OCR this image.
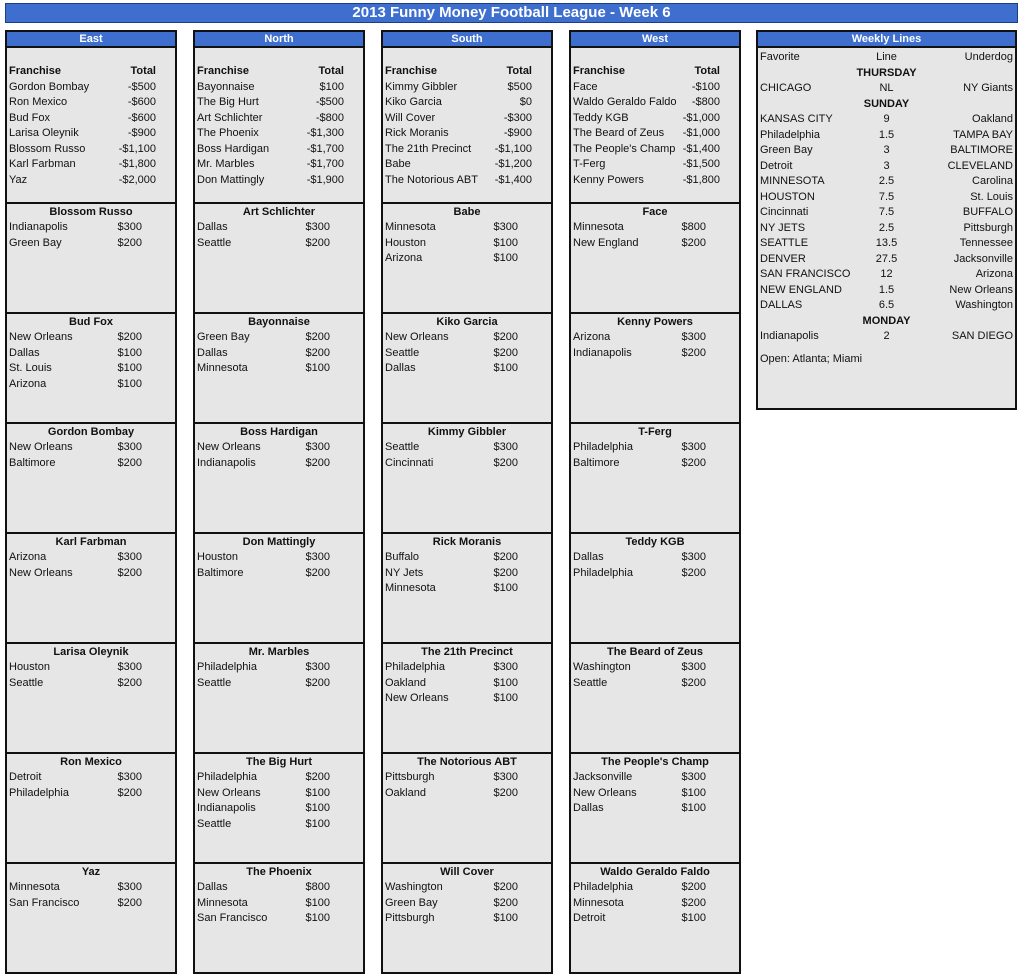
2013 Funny Money Football League - Week 6
East
Franchise	Total
Gordon Bombay	-$500
Ron Mexico	-$600
Bud Fox	-$600
Larisa Oleynik	-$900
Blossom Russo	-$1,100
Karl Farbman	-$1,800
Yaz	-$2,000
Blossom Russo
Indianapolis	$300
Green Bay	$200
Bud Fox
New Orleans	$200
Dallas	$100
St. Louis	$100
Arizona	$100
Gordon Bombay
New Orleans	$300
Baltimore	$200
Karl Farbman
Arizona	$300
New Orleans	$200
Larisa Oleynik
Houston	$300
Seattle	$200
Ron Mexico
Detroit	$300
Philadelphia	$200
Yaz
Minnesota	$300
San Francisco	$200
North
Franchise	Total
Bayonnaise	$100
The Big Hurt	-$500
Art Schlichter	-$800
The Phoenix	-$1,300
Boss Hardigan	-$1,700
Mr. Marbles	-$1,700
Don Mattingly	-$1,900
Art Schlichter
Dallas	$300
Seattle	$200
Bayonnaise
Green Bay	$200
Dallas	$200
Minnesota	$100
Boss Hardigan
New Orleans	$300
Indianapolis	$200
Don Mattingly
Houston	$300
Baltimore	$200
Mr. Marbles
Philadelphia	$300
Seattle	$200
The Big Hurt
Philadelphia	$200
New Orleans	$100
Indianapolis	$100
Seattle	$100
The Phoenix
Dallas	$800
Minnesota	$100
San Francisco	$100
South
Franchise	Total
Kimmy Gibbler	$500
Kiko Garcia	$0
Will Cover	-$300
Rick Moranis	-$900
The 21th Precinct	-$1,100
Babe	-$1,200
The Notorious ABT	-$1,400
Babe
Minnesota	$300
Houston	$100
Arizona	$100
Kiko Garcia
New Orleans	$200
Seattle	$200
Dallas	$100
Kimmy Gibbler
Seattle	$300
Cincinnati	$200
Rick Moranis
Buffalo	$200
NY Jets	$200
Minnesota	$100
The 21th Precinct
Philadelphia	$300
Oakland	$100
New Orleans	$100
The Notorious ABT
Pittsburgh	$300
Oakland	$200
Will Cover
Washington	$200
Green Bay	$200
Pittsburgh	$100
West
Franchise	Total
Face	-$100
Waldo Geraldo Faldo	-$800
Teddy KGB	-$1,000
The Beard of Zeus	-$1,000
The People's Champ -$1,400
T-Ferg	-$1,500
Kenny Powers	-$1,800
Face
Minnesota	$800
New England	$200
Kenny Powers
Arizona	$300
Indianapolis	$200
T-Ferg
Philadelphia	$300
Baltimore	$200
Teddy KGB
Dallas	$300
Philadelphia	$200
The Beard of Zeus
Washington	$300
Seattle	$200
The People's Champ
Jacksonville	$300
New Orleans	$100
Dallas	$100
Waldo Geraldo Faldo
Philadelphia	$200
Minnesota	$200
Detroit	$100
Weekly Lines
Favorite	Line	Underdog
THURSDAY
CHICAGO	NL	NY Giants
SUNDAY
KANSAS CITY	9	Oakland
Philadelphia	1.5	TAMPA BAY
Green Bay	3	BALTIMORE
Detroit	3	CLEVELAND
MINNESOTA	2.5	Carolina
HOUSTON	7.5	St. Louis
Cincinnati	7.5	BUFFALO
NY JETS	2.5	Pittsburgh
SEATTLE	13.5	Tennessee
DENVER	27.5	Jacksonville
SAN FRANCISCO	12	Arizona
NEW ENGLAND	1.5	New Orleans
DALLAS	6.5	Washington
MONDAY
Indianapolis	2	SAN DIEGO
Open: Atlanta; Miami
